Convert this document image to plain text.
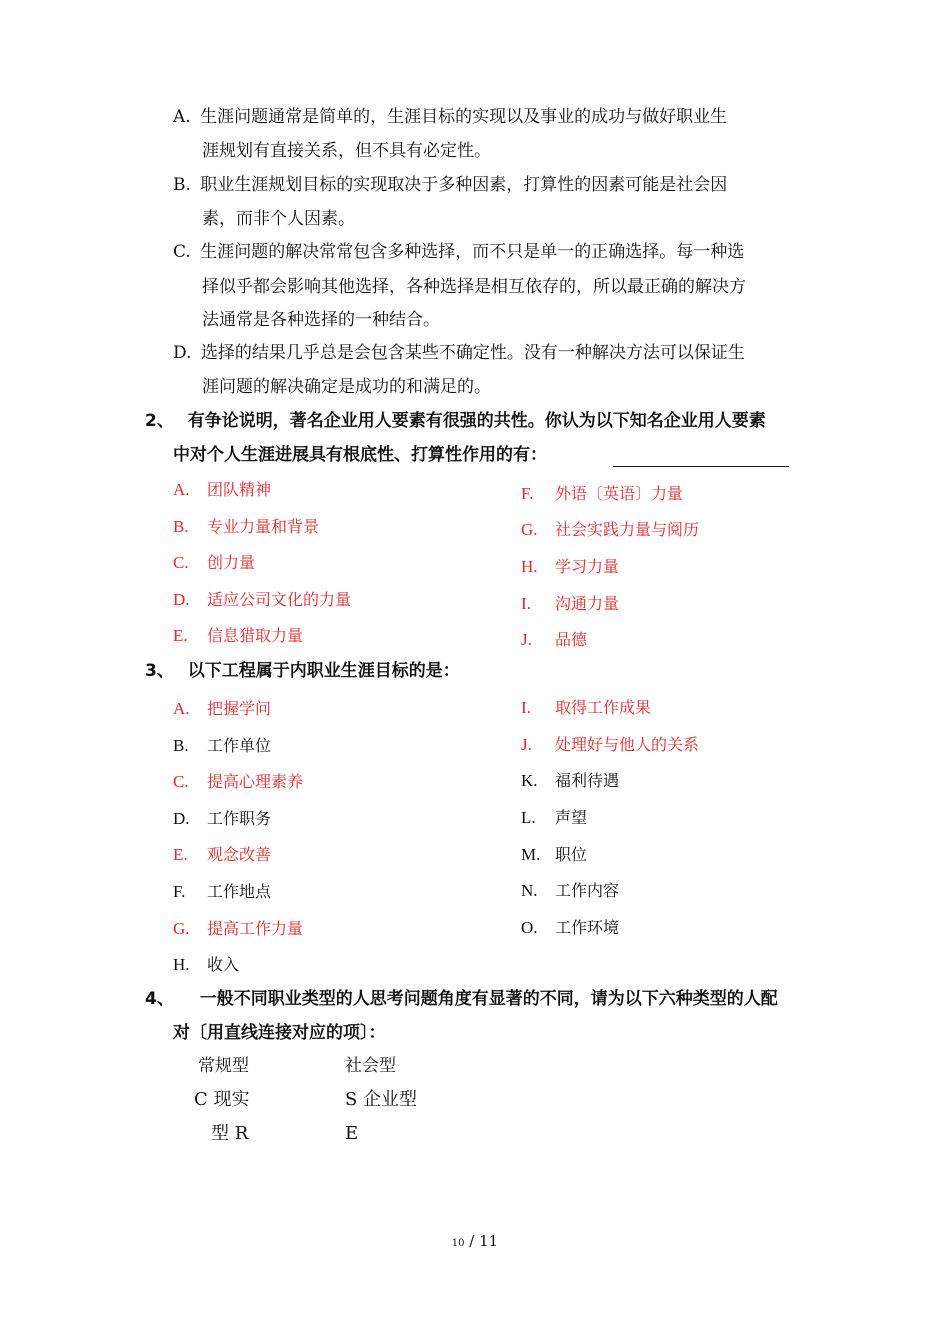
A. 生涯问题通常是简单的，生涯目标的实现以及事业的成功与做好职业生
涯规划有直接关系，但不具有必定性。
B. 职业生涯规划目标的实现取决于多种因素，打算性的因素可能是社会因
素，而非个人因素。
C. 生涯问题的解决常常包含多种选择，而不只是单一的正确选择。每一种选
择似乎都会影响其他选择，各种选择是相互依存的，所以最正确的解决方
法通常是各种选择的一种结合。
D. 选择的结果几乎总是会包含某些不确定性。没有一种解决方法可以保证生
涯问题的解决确定是成功的和满足的。
2、 有争论说明，著名企业用人要素有很强的共性。你认为以下知名企业用人要素
中对个人生涯进展具有根底性、打算性作用的有：
A. 团队精神
B. 专业力量和背景
C. 创力量
D. 适应公司文化的力量
E. 信息猎取力量
F. 外语〔英语〕力量
G. 社会实践力量与阅历
H. 学习力量
I. 沟通力量
J. 品德
3、 以下工程属于内职业生涯目标的是：
A. 把握学问
B. 工作单位
C. 提高心理素养
D. 工作职务
E. 观念改善
F. 工作地点
G. 提高工作力量
H. 收入
I. 取得工作成果
J. 处理好与他人的关系
K. 福利待遇
L. 声望
M. 职位
N. 工作内容
O. 工作环境
4、 一般不同职业类型的人思考问题角度有显著的不同，请为以下六种类型的人配
对〔用直线连接对应的项〕：
常规型
C 现实
型 R
社会型
S 企业型
E
10 / 11
